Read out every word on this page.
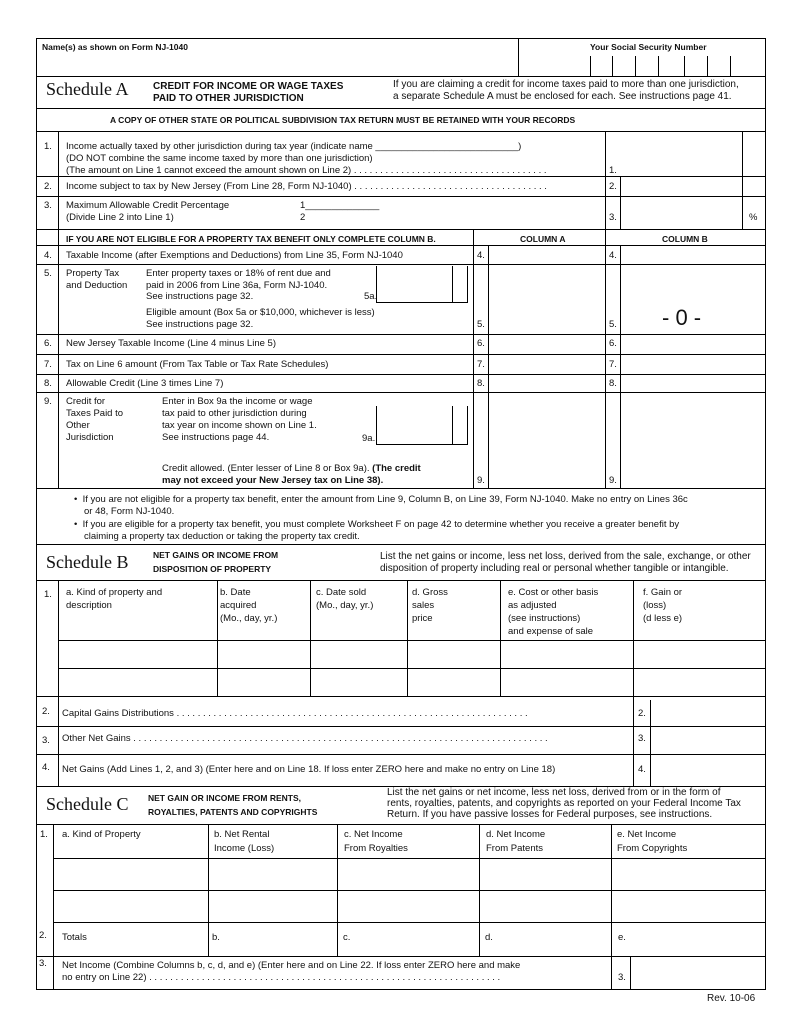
Name(s) as shown on Form NJ-1040	Your Social Security Number
Schedule A CREDIT FOR INCOME OR WAGE TAXES
PAID TO OTHER JURISDICTION
If you are claiming a credit for income taxes paid to more than one jurisdiction,
a separate Schedule A must be enclosed for each. See instructions page 41.
A COPY OF OTHER STATE OR POLITICAL SUBDIVISION TAX RETURN MUST BE RETAINED WITH YOUR RECORDS
1. Income actually taxed by other jurisdiction during tax year (indicate name ___________________________)
(DO NOT combine the same income taxed by more than one jurisdiction)
(The amount on Line 1 cannot exceed the amount shown on Line 2) . . . . . . . . . . . . . . . . . . . . . . . . . . . . . . . . . . . . .	1.
2. Income subject to tax by New Jersey (From Line 28, Form NJ-1040) . . . . . . . . . . . . . . . . . . . . . . . . . . . . . . . . . . . . .	2.
3. Maximum Allowable Credit Percentage
(Divide Line 2 into Line 1)
1______________
2	3.	%
IF YOU ARE NOT ELIGIBLE FOR A PROPERTY TAX BENEFIT ONLY COMPLETE COLUMN B.	COLUMN A	COLUMN B
4. Taxable Income (after Exemptions and Deductions) from Line 35, Form NJ-1040	4.	4.
5. Property Tax
and Deduction
Enter property taxes or 18% of rent due and
paid in 2006 from Line 36a, Form NJ-1040.
See instructions page 32.	5a.
Eligible amount (Box 5a or $10,000, whichever is less)
See instructions page 32.	5.	5. - 0 -
6. New Jersey Taxable Income (Line 4 minus Line 5)	6.	6.
7. Tax on Line 6 amount (From Tax Table or Tax Rate Schedules)	7.	7.
8. Allowable Credit (Line 3 times Line 7)	8.	8.
9. Credit for
Taxes Paid to
Other
Jurisdiction
Enter in Box 9a the income or wage
tax paid to other jurisdiction during
tax year on income shown on Line 1.
See instructions page 44.	9a.
Credit allowed. (Enter lesser of Line 8 or Box 9a). (The credit
may not exceed your New Jersey tax on Line 38).	9.	9.
•  If you are not eligible for a property tax benefit, enter the amount from Line 9, Column B, on Line 39, Form NJ-1040. Make no entry on Lines 36c
or 48, Form NJ-1040.
•  If you are eligible for a property tax benefit, you must complete Worksheet F on page 42 to determine whether you receive a greater benefit by
claiming a property tax deduction or taking the property tax credit.
Schedule B	NET GAINS OR INCOME FROM
DISPOSITION OF PROPERTY
List the net gains or income, less net loss, derived from the sale, exchange, or other
disposition of property including real or personal whether tangible or intangible.
1. a. Kind of property and
description
b. Date
acquired
(Mo., day, yr.)
c. Date sold
(Mo., day, yr.)
d. Gross
sales
price
e. Cost or other basis
as adjusted
(see instructions)
and expense of sale
f. Gain or
(loss)
(d less e)
2. Capital Gains Distributions . . . . . . . . . . . . . . . . . . . . . . . . . . . . . . . . . . . . . . . . . . . . . . . . . . . . . . . . . . . . . . . . . . .	2.
3. Other Net Gains . . . . . . . . . . . . . . . . . . . . . . . . . . . . . . . . . . . . . . . . . . . . . . . . . . . . . . . . . . . . . . . . . . . . . . . . . . . . . . .	3.
4. Net Gains (Add Lines 1, 2, and 3) (Enter here and on Line 18. If loss enter ZERO here and make no entry on Line 18)	4.
Schedule C NET GAIN OR INCOME FROM RENTS,
ROYALTIES, PATENTS AND COPYRIGHTS
List the net gains or net income, less net loss, derived from or in the form of
rents, royalties, patents, and copyrights as reported on your Federal Income Tax
Return. If you have passive losses for Federal purposes, see instructions.
1. a. Kind of Property	b. Net Rental
Income (Loss)
c. Net Income
From Royalties
d. Net Income
From Patents
e. Net Income
From Copyrights
2. Totals	b.	c.	d.	e.
3. Net Income (Combine Columns b, c, d, and e) (Enter here and on Line 22. If loss enter ZERO here and make
no entry on Line 22) . . . . . . . . . . . . . . . . . . . . . . . . . . . . . . . . . . . . . . . . . . . . . . . . . . . . . . . . . . . . . . . . . . .	3.
Rev. 10-06
